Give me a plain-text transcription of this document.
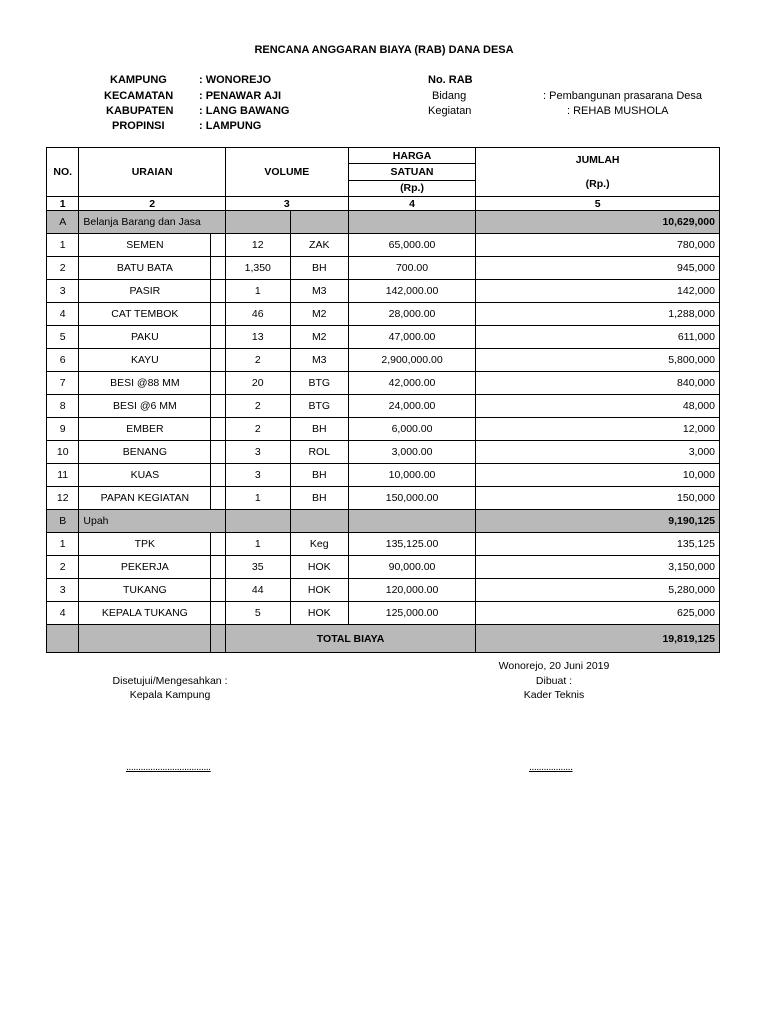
RENCANA ANGGARAN BIAYA (RAB) DANA DESA
KAMPUNG	: WONOREJO
KECAMATAN : PENAWAR AJI
KABUPATEN : LANG BAWANG
PROPINSI	: LAMPUNG
No. RAB
Bidang	: Pembangunan prasarana Desa
Kegiatan	: REHAB MUSHOLA
NO.	URAIAN		VOLUME		HARGA	JUMLAH
(Rp.)
					SATUAN	
					(Rp.)	
1	2		3		4	5
A	Belanja Barang dan Jasa					10,629,000
1	SEMEN		12	ZAK	65,000.00	780,000
2	BATU BATA		1,350	BH	700.00	945,000
3	PASIR		1	M3	142,000.00	142,000
4	CAT TEMBOK		46	M2	28,000.00	1,288,000
5	PAKU		13	M2	47,000.00	611,000
6	KAYU		2	M3	2,900,000.00	5,800,000
7	BESI @88 MM		20	BTG	42,000.00	840,000
8	BESI @6 MM		2	BTG	24,000.00	48,000
9	EMBER		2	BH	6,000.00	12,000
10	BENANG		3	ROL	3,000.00	3,000
11	KUAS		3	BH	10,000.00	10,000
12	PAPAN KEGIATAN		1	BH	150,000.00	150,000
B	Upah					9,190,125
1	TPK		1	Keg	135,125.00	135,125
2	PEKERJA		35	HOK	90,000.00	3,150,000
3	TUKANG		44	HOK	120,000.00	5,280,000
4	KEPALA TUKANG		5	HOK	125,000.00	625,000
			TOTAL BIAYA			19,819,125
Wonorejo, 20 Juni 2019
Disetujui/Mengesahkan :	Dibuat :
Kepala Kampung	Kader Teknis
...................................	..................
